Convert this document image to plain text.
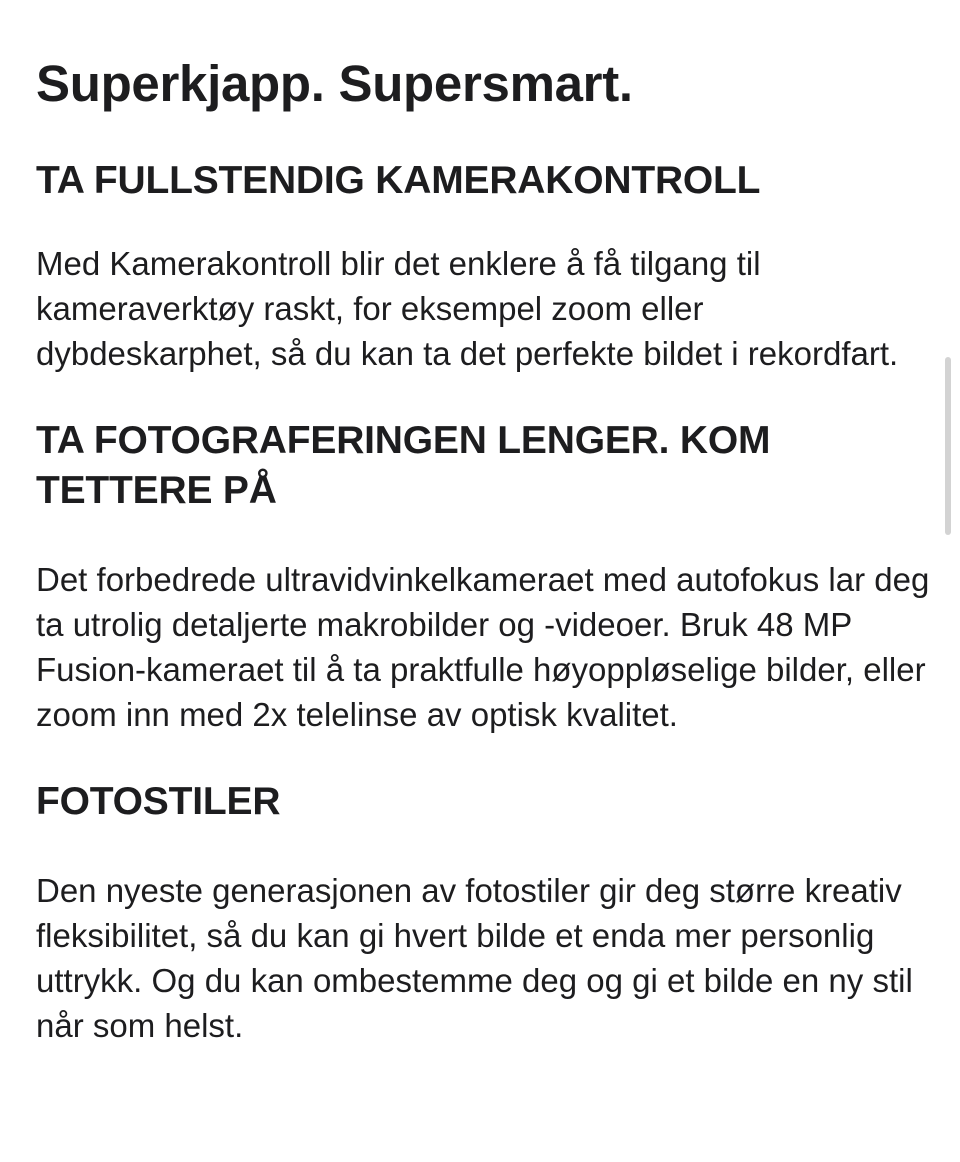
Superkjapp. Supersmart.
TA FULLSTENDIG KAMERAKONTROLL

Med Kamerakontroll blir det enklere å få tilgang til kameraverktøy raskt, for eksempel zoom eller dybdeskarphet, så du kan ta det perfekte bildet i rekordfart.

TA FOTOGRAFERINGEN LENGER. KOM TETTERE PÅ

Det forbedrede ultravidvinkelkameraet med autofokus lar deg ta utrolig detaljerte makrobilder og -videoer. Bruk 48 MP Fusion-kameraet til å ta praktfulle høyoppløselige bilder, eller zoom inn med 2x telelinse av optisk kvalitet.

FOTOSTILER

Den nyeste generasjonen av fotostiler gir deg større kreativ fleksibilitet, så du kan gi hvert bilde et enda mer personlig uttrykk. Og du kan ombestemme deg og gi et bilde en ny stil når som helst.
